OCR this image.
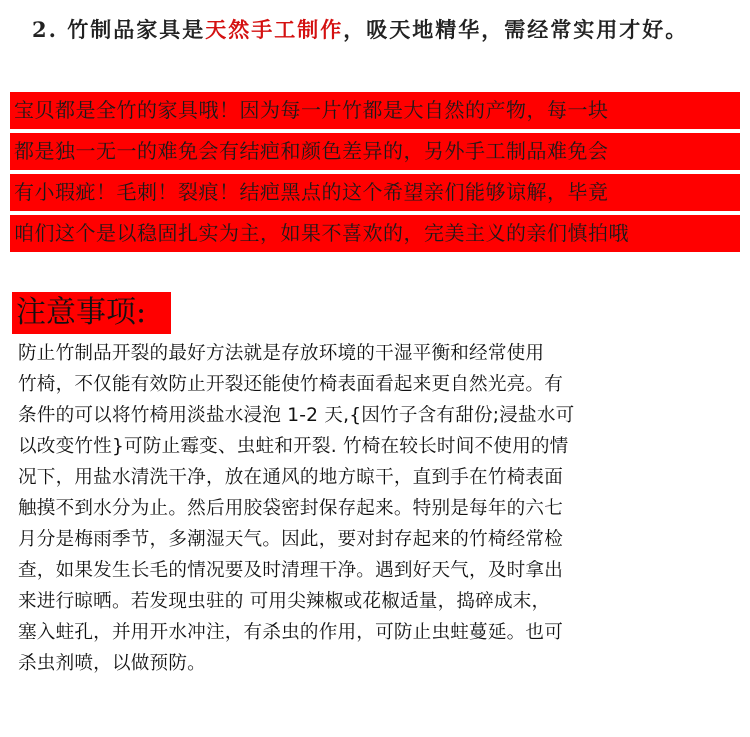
2. 竹制品家具是天然手工制作，吸天地精华，需经常实用才好。
宝贝都是全竹的家具哦！因为每一片竹都是大自然的产物，每一块
都是独一无一的难免会有结疤和颜色差异的，另外手工制品难免会
有小瑕疵！毛刺！裂痕！结疤黑点的这个希望亲们能够谅解，毕竟
咱们这个是以稳固扎实为主，如果不喜欢的，完美主义的亲们慎拍哦
注意事项:
防止竹制品开裂的最好方法就是存放环境的干湿平衡和经常使用
竹椅，不仅能有效防止开裂还能使竹椅表面看起来更自然光亮。有
条件的可以将竹椅用淡盐水浸泡 1-2 天,{因竹子含有甜份;浸盐水可
以改变竹性}可防止霉变、虫蛀和开裂. 竹椅在较长时间不使用的情
况下，用盐水清洗干净，放在通风的地方晾干，直到手在竹椅表面
触摸不到水分为止。然后用胶袋密封保存起来。特别是每年的六七
月分是梅雨季节，多潮湿天气。因此，要对封存起来的竹椅经常检
查，如果发生长毛的情况要及时清理干净。遇到好天气，及时拿出
来进行晾晒。若发现虫驻的 可用尖辣椒或花椒适量，捣碎成末，
塞入蛀孔，并用开水冲注，有杀虫的作用，可防止虫蛀蔓延。也可
杀虫剂喷，以做预防。
